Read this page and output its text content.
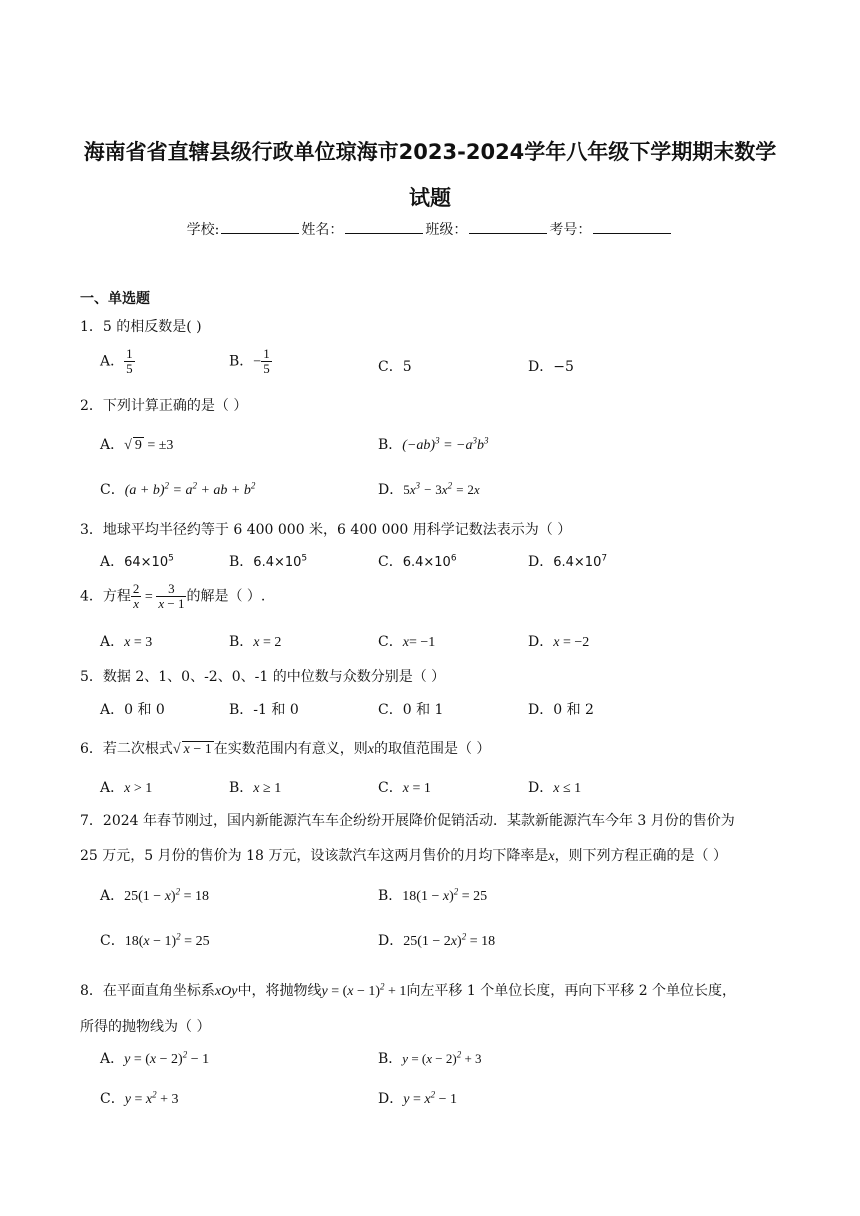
海南省省直辖县级行政单位琼海市2023-2024学年八年级下学期期末数学
试题
学校:	姓名：	班级：	考号：
一、单选题
1．5 的相反数是( )
A． $\frac{1}{5}$	B．− $\frac{1}{5}$	C．5	D．−5
2．下列计算正确的是（ ）
A．√ 9 = ±3	B．$(-ab)^3 = -a^3b^3$
C．$(a + b)^2 = a^2$ + ab + $b^2$	D．$5x^3 - 3x^2 = 2x$
3．地球平均半径约等于 6 400 000 米，6 400 000 用科学记数法表示为（ ）
A．$64\times 10^5$	B．$6.4\times 10^5$	C．$6.4\times 10^6$	D．$6.4\times 10^7$
4．方程 $\frac{2}{x} = \frac{3}{x - 1}$ 的解是（ ）.
A．x = 3	B．x = 2	C．x= −1	D．x = −2
5．数据 2、1、0、-2、0、-1 的中位数与众数分别是（ ）
A．0 和 0	B．-1 和 0	C．0 和 1	D．0 和 2
6．若二次根式√ x − 1 在实数范围内有意义，则x的取值范围是（ ）
A．x > 1	B．x ≥ 1	C．x = 1	D．x ≤ 1
7．2024 年春节刚过，国内新能源汽车车企纷纷开展降价促销活动．某款新能源汽车今年 3 月份的售价为
25 万元，5 月份的售价为 18 万元，设该款汽车这两月售价的月均下降率是x，则下列方程正确的是（ ）
A．$25(1 - x)^2 = 18$	B．$18(1 - x)^2 = 25$
C．$18(x - 1)^2 = 25$	D．$25(1 - 2x)^2 = 18$
8．在平面直角坐标系xOy中，将抛物线$y = (x - 1)^2 + 1$向左平移 1 个单位长度，再向下平移 2 个单位长度，
所得的抛物线为（ ）
A．$y = (x - 2)^2 - 1$	B．$y = (x - 2)^2 + 3$
C．$y = x^2 + 3$	D．$y = x^2 - 1$
